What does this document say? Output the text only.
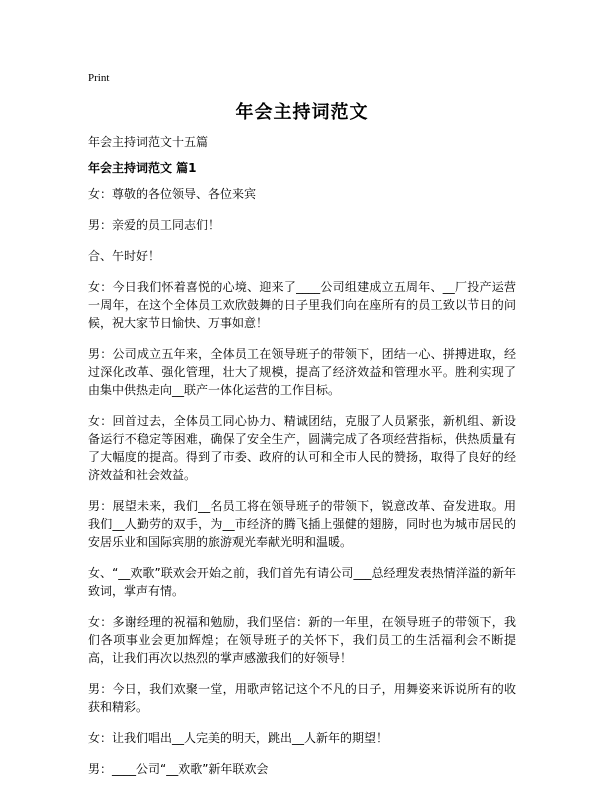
Print
年会主持词范文
年会主持词范文十五篇
年会主持词范文 篇1

女：尊敬的各位领导、各位来宾

男：亲爱的员工同志们！

合、午时好！

女：今日我们怀着喜悦的心境、迎来了____公司组建成立五周年、__厂投产运营一周年，在这个全体员工欢欣鼓舞的日子里我们向在座所有的员工致以节日的问候，祝大家节日愉快、万事如意！

男：公司成立五年来，全体员工在领导班子的带领下，团结一心、拼搏进取，经过深化改革、强化管理，壮大了规模，提高了经济效益和管理水平。胜利实现了由集中供热走向__联产一体化运营的工作目标。

女：回首过去，全体员工同心协力、精诚团结，克服了人员紧张，新机组、新设备运行不稳定等困难，确保了安全生产，圆满完成了各项经营指标，供热质量有了大幅度的提高。得到了市委、政府的认可和全市人民的赞扬，取得了良好的经济效益和社会效益。

男：展望未来，我们__名员工将在领导班子的带领下，锐意改革、奋发进取。用我们__人勤劳的双手，为__市经济的腾飞插上强健的翅膀，同时也为城市居民的安居乐业和国际宾朋的旅游观光奉献光明和温暖。

女、“__欢歌”联欢会开始之前，我们首先有请公司___总经理发表热情洋溢的新年致词，掌声有情。

女：多谢经理的祝福和勉励，我们坚信：新的一年里，在领导班子的带领下，我们各项事业会更加辉煌；在领导班子的关怀下，我们员工的生活福利会不断提高，让我们再次以热烈的掌声感激我们的好领导！

男：今日，我们欢聚一堂，用歌声铭记这个不凡的日子，用舞姿来诉说所有的收获和精彩。

女：让我们唱出__人完美的明天，跳出__人新年的期望！

男：____公司“__欢歌”新年联欢会
